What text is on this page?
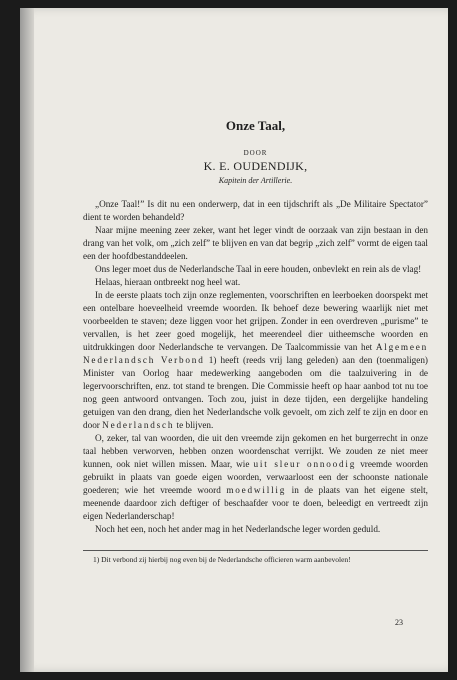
Onze Taal,

DOOR

K. E. OUDENDIJK,

Kapitein der Artillerie.

„Onze Taal!” Is dit nu een onderwerp, dat in een tijdschrift als „De Militaire Spectator” dient te worden behandeld?

Naar mijne meening zeer zeker, want het leger vindt de oorzaak van zijn bestaan in den drang van het volk, om „zich zelf” te blijven en van dat begrip „zich zelf” vormt de eigen taal een der hoofdbestanddeelen.

Ons leger moet dus de Nederlandsche Taal in eere houden, onbevlekt en rein als de vlag!

Helaas, hieraan ontbreekt nog heel wat.

In de eerste plaats toch zijn onze reglementen, voorschriften en leerboeken doorspekt met een ontelbare hoeveelheid vreemde woorden. Ik behoef deze bewering waarlijk niet met voorbeelden te staven; deze liggen voor het grijpen. Zonder in een overdreven „purisme” te vervallen, is het zeer goed mogelijk, het meerendeel dier uitheemsche woorden en uitdrukkingen door Nederlandsche te vervangen. De Taalcommissie van het Algemeen Nederlandsch Verbond 1) heeft (reeds vrij lang geleden) aan den (toenmaligen) Minister van Oorlog haar medewerking aangeboden om die taalzuivering in de legervoorschriften, enz. tot stand te brengen. Die Commissie heeft op haar aanbod tot nu toe nog geen antwoord ontvangen. Toch zou, juist in deze tijden, een dergelijke handeling getuigen van den drang, dien het Nederlandsche volk gevoelt, om zich zelf te zijn en door en door Nederlandsch te blijven.

O, zeker, tal van woorden, die uit den vreemde zijn gekomen en het burgerrecht in onze taal hebben verworven, hebben onzen woordenschat verrijkt. We zouden ze niet meer kunnen, ook niet willen missen. Maar, wie uit sleur onnoodig vreemde woorden gebruikt in plaats van goede eigen woorden, verwaarloost een der schoonste nationale goederen; wie het vreemde woord moedwillig in de plaats van het eigene stelt, meenende daardoor zich deftiger of beschaafder voor te doen, beleedigt en vertreedt zijn eigen Nederlanderschap!

Noch het een, noch het ander mag in het Nederlandsche leger worden geduld.

1) Dit verbond zij hierbij nog even bij de Nederlandsche officieren warm aanbevolen!

23
